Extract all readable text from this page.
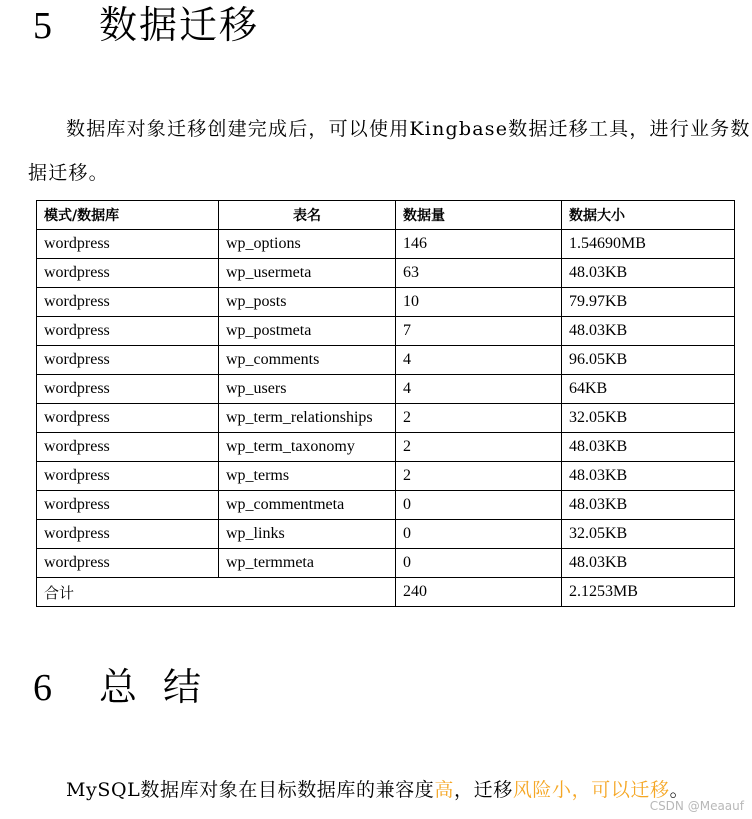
5 数据迁移

数据库对象迁移创建完成后，可以使用Kingbase数据迁移工具，进行业务数

据迁移。

模式/数据库	表名	数据量	数据大小
wordpress	wp_options	146	1.54690MB
wordpress	wp_usermeta	63	48.03KB
wordpress	wp_posts	10	79.97KB
wordpress	wp_postmeta	7	48.03KB
wordpress	wp_comments	4	96.05KB
wordpress	wp_users	4	64KB
wordpress	wp_term_relationships	2	32.05KB
wordpress	wp_term_taxonomy	2	48.03KB
wordpress	wp_terms	2	48.03KB
wordpress	wp_commentmeta	0	48.03KB
wordpress	wp_links	0	32.05KB
wordpress	wp_termmeta	0	48.03KB
合计		240	2.1253MB
6 总结

MySQL数据库对象在目标数据库的兼容度高，迁移风险小，可以迁移。

CSDN @Meaauf
